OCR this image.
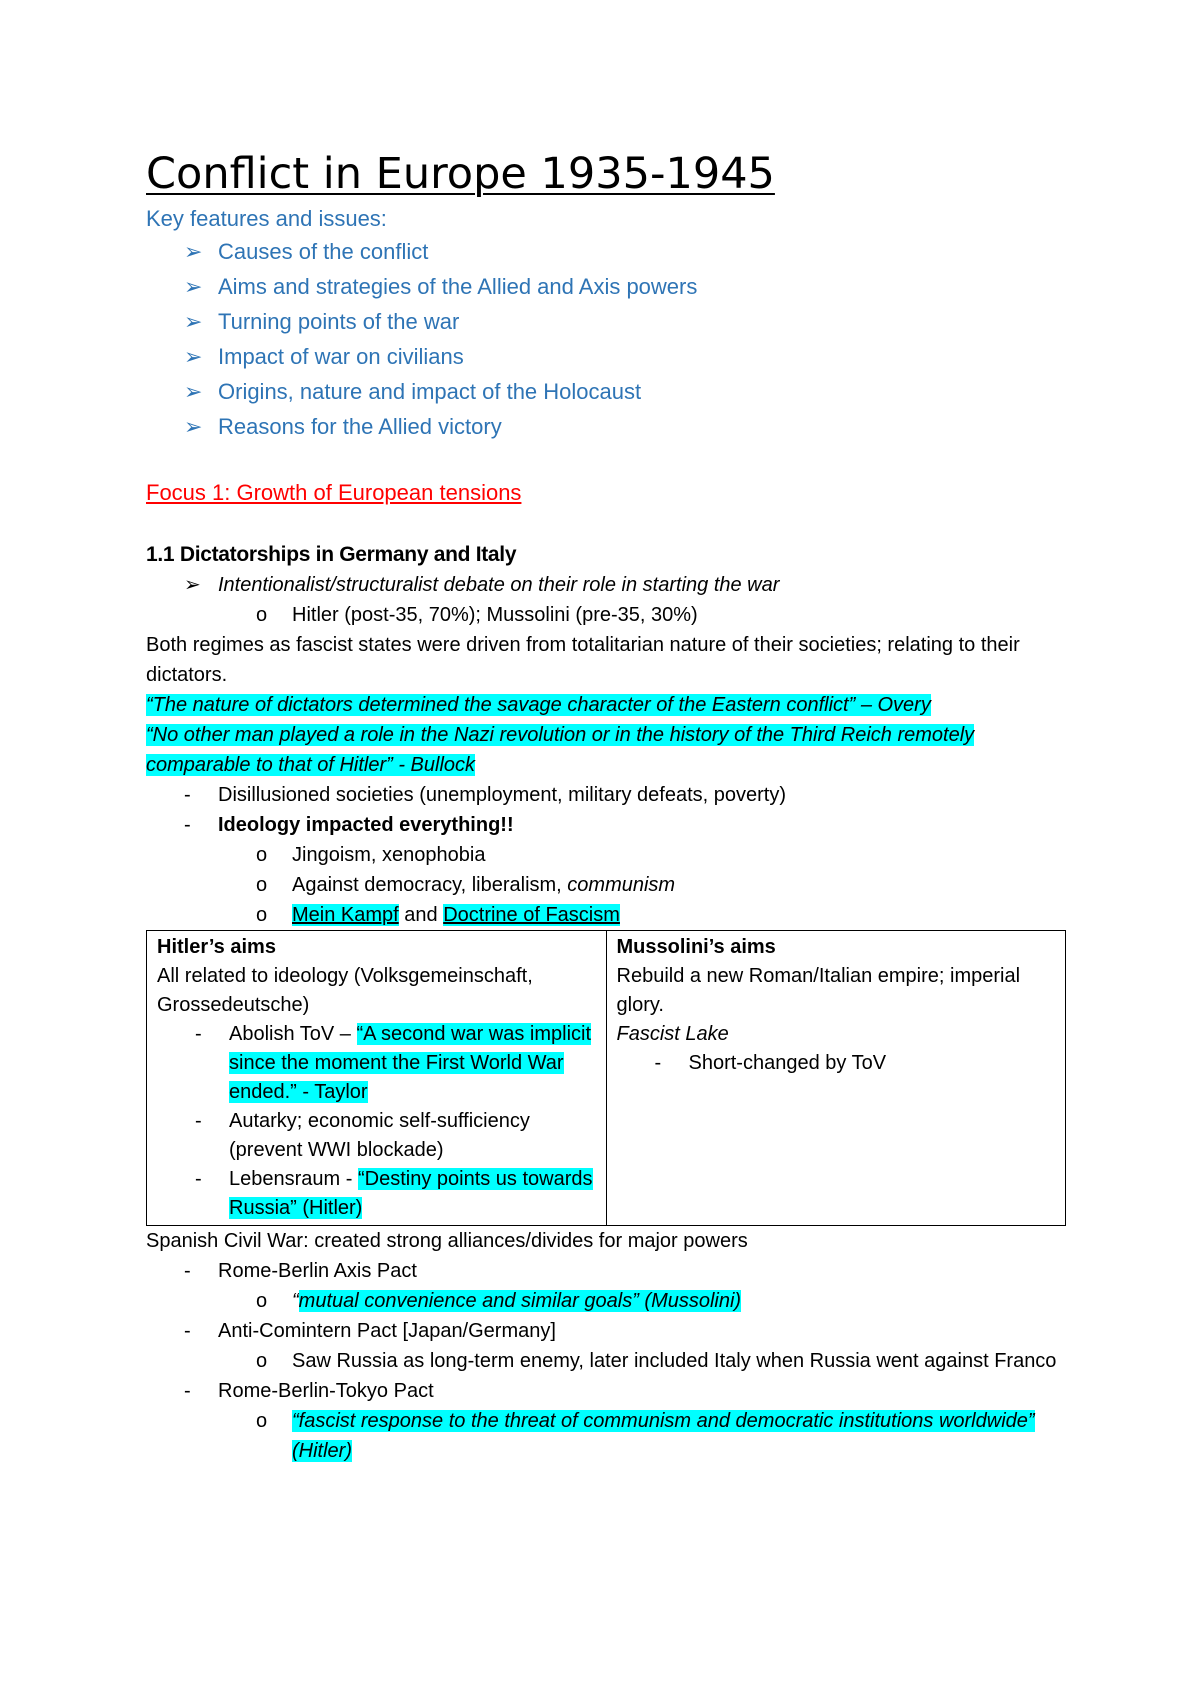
Conflict in Europe 1935-1945
Key features and issues:
➢ Causes of the conflict
➢ Aims and strategies of the Allied and Axis powers
➢ Turning points of the war
➢ Impact of war on civilians
➢ Origins, nature and impact of the Holocaust
➢ Reasons for the Allied victory
Focus 1: Growth of European tensions
1.1 Dictatorships in Germany and Italy
➢ Intentionalist/structuralist debate on their role in starting the war
o Hitler (post-35, 70%); Mussolini (pre-35, 30%)
Both regimes as fascist states were driven from totalitarian nature of their societies; relating to their dictators.
“The nature of dictators determined the savage character of the Eastern conflict” – Overy
“No other man played a role in the Nazi revolution or in the history of the Third Reich remotely comparable to that of Hitler” - Bullock
- Disillusioned societies (unemployment, military defeats, poverty)
- Ideology impacted everything!!
o Jingoism, xenophobia
o Against democracy, liberalism, communism
o Mein Kampf and Doctrine of Fascism
Hitler’s aims
All related to ideology (Volksgemeinschaft, Grossedeutsche)
- Abolish ToV – “A second war was implicit since the moment the First World War ended.” - Taylor
- Autarky; economic self-sufficiency (prevent WWI blockade)
- Lebensraum - “Destiny points us towards Russia” (Hitler)

Mussolini’s aims
Rebuild a new Roman/Italian empire; imperial glory.
Fascist Lake
- Short-changed by ToV
Spanish Civil War: created strong alliances/divides for major powers
- Rome-Berlin Axis Pact
o “mutual convenience and similar goals” (Mussolini)
- Anti-Comintern Pact [Japan/Germany]
o Saw Russia as long-term enemy, later included Italy when Russia went against Franco
- Rome-Berlin-Tokyo Pact
o “fascist response to the threat of communism and democratic institutions worldwide” (Hitler)
